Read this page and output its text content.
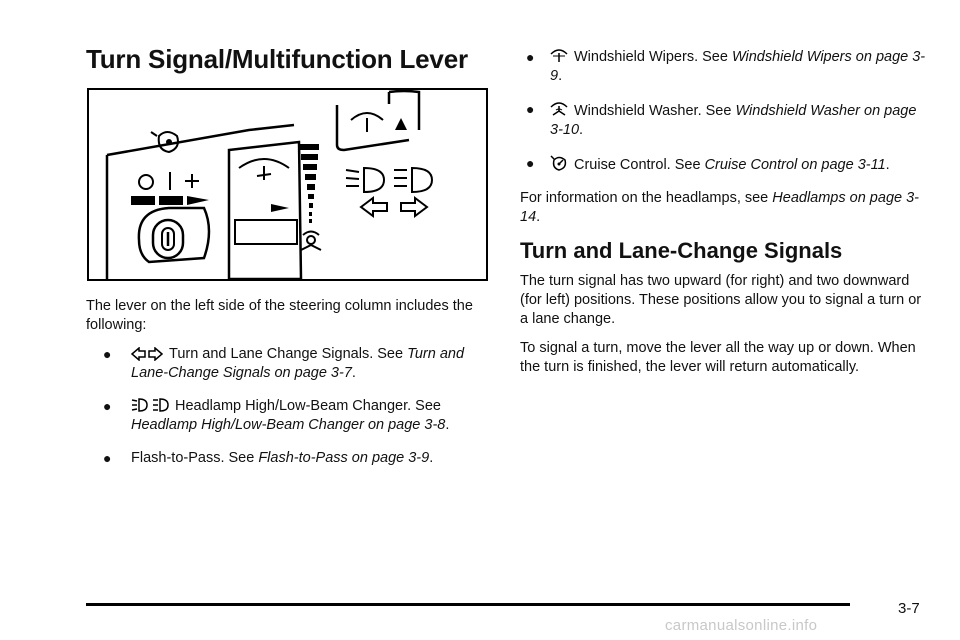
Turn Signal/Multifunction Lever

The lever on the left side of the steering column includes the following:

●	Turn and Lane Change Signals. See Turn and Lane-Change Signals on page 3-7.
●	Headlamp High/Low-Beam Changer. See Headlamp High/Low-Beam Changer on page 3-8.
● Flash-to-Pass. See Flash-to-Pass on page 3-9.
●	Windshield Wipers. See Windshield Wipers on page 3-9.
●	Windshield Washer. See Windshield Washer on page 3-10.
●	Cruise Control. See Cruise Control on page 3-11.

For information on the headlamps, see Headlamps on page 3-14.

Turn and Lane-Change Signals

The turn signal has two upward (for right) and two downward (for left) positions. These positions allow you to signal a turn or a lane change.

To signal a turn, move the lever all the way up or down. When the turn is finished, the lever will return automatically.

3-7
carmanualsonline.info
